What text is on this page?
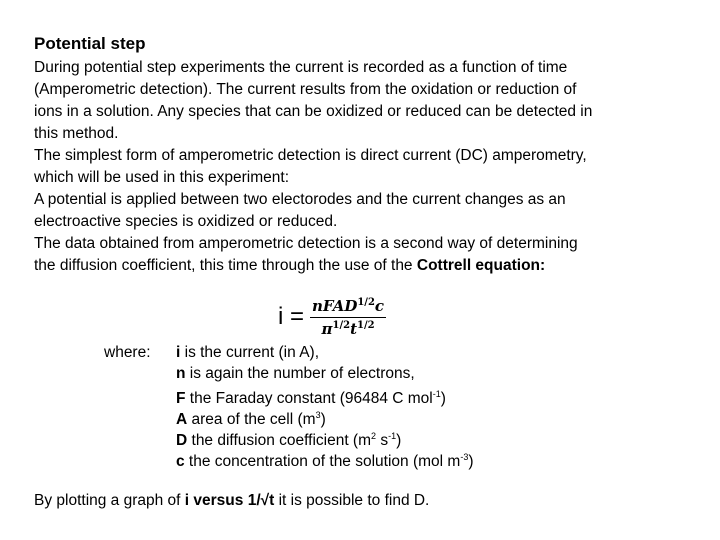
Potential step
During potential step experiments the current is recorded as a function of time
(Amperometric detection). The current results from the oxidation or reduction of
ions in a solution. Any species that can be oxidized or reduced can be detected in
this method.
The simplest form of amperometric detection is direct current (DC) amperometry,
which will be used in this experiment:
A potential is applied between two electorodes and the current changes as an
electroactive species is oxidized or reduced.
The data obtained from amperometric detection is a second way of determining
the diffusion coefficient, this time through the use of the Cottrell equation:
$i = \frac{nFAD^{1/2}c}{\pi^{1/2}t^{1/2}}$
where: i is the current (in A),
n is again the number of electrons,
F the Faraday constant (96484 C mol$^{-1}$)
A area of the cell $(m^3)$
D the diffusion coefficient ($m^2$ $s^{-1}$)
c the concentration of the solution (mol $m^{-3}$)
By plotting a graph of i versus 1/√t it is possible to find D.
